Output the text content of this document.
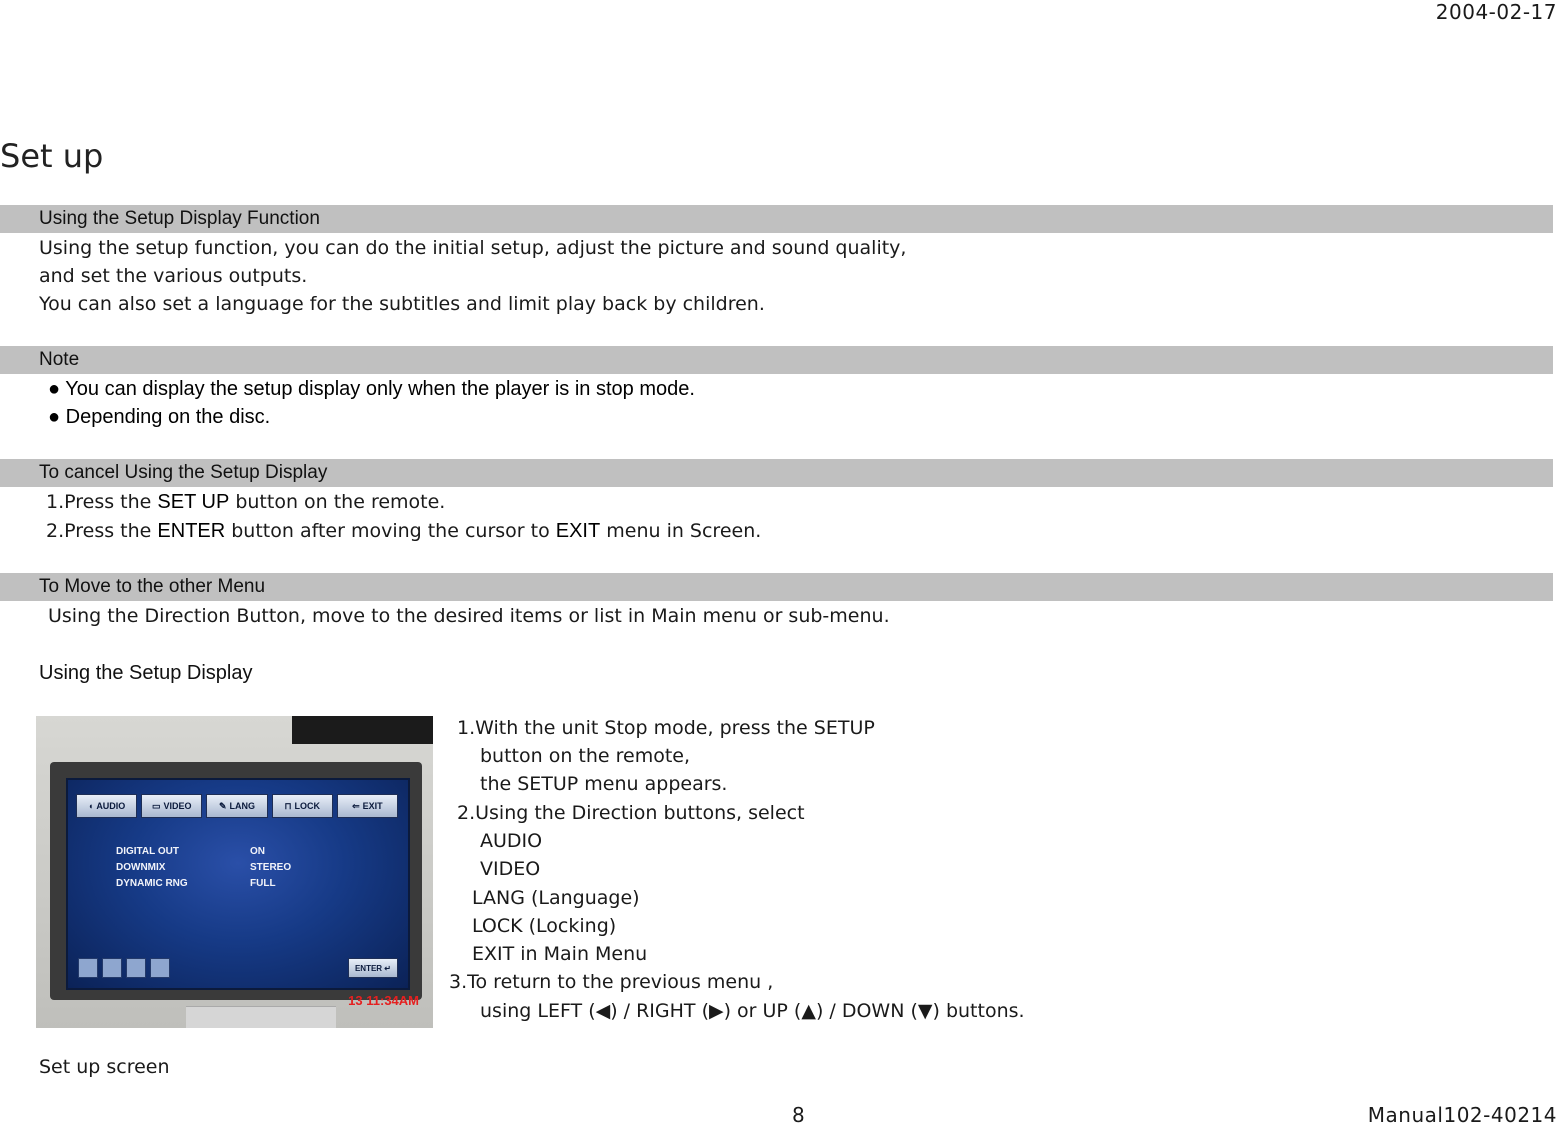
2004-02-17
Set up
Using the Setup Display Function
Using the setup function, you can do the initial setup, adjust the picture and sound quality,
and set the various outputs.
You can also set a language for the subtitles and limit play back by children.
Note
● You can display the setup display only when the player is in stop mode.
● Depending on the disc.
To cancel Using the Setup Display
1.Press the SET UP button on the remote.
2.Press the ENTER button after moving the cursor to EXIT menu in Screen.
To Move to the other Menu
Using the Direction Button, move to the desired items or list in Main menu or sub-menu.
Using the Setup Display
◖ AUDIO	▭ VIDEO	✎ LANG	⊓ LOCK	⇐ EXIT
DIGITAL OUT	ON
DOWNMIX	STEREO
DYNAMIC RNG	FULL
ENTER ↵
13 11:34AM
1.With the unit Stop mode, press the SETUP
button on the remote,
the SETUP menu appears.
2.Using the Direction buttons, select
AUDIO
VIDEO
LANG (Language)
LOCK (Locking)
EXIT in Main Menu
3.To return to the previous menu ,
using LEFT (◀) / RIGHT (▶) or UP (▲) / DOWN (▼) buttons.
Set up screen
8	Manual102-40214
